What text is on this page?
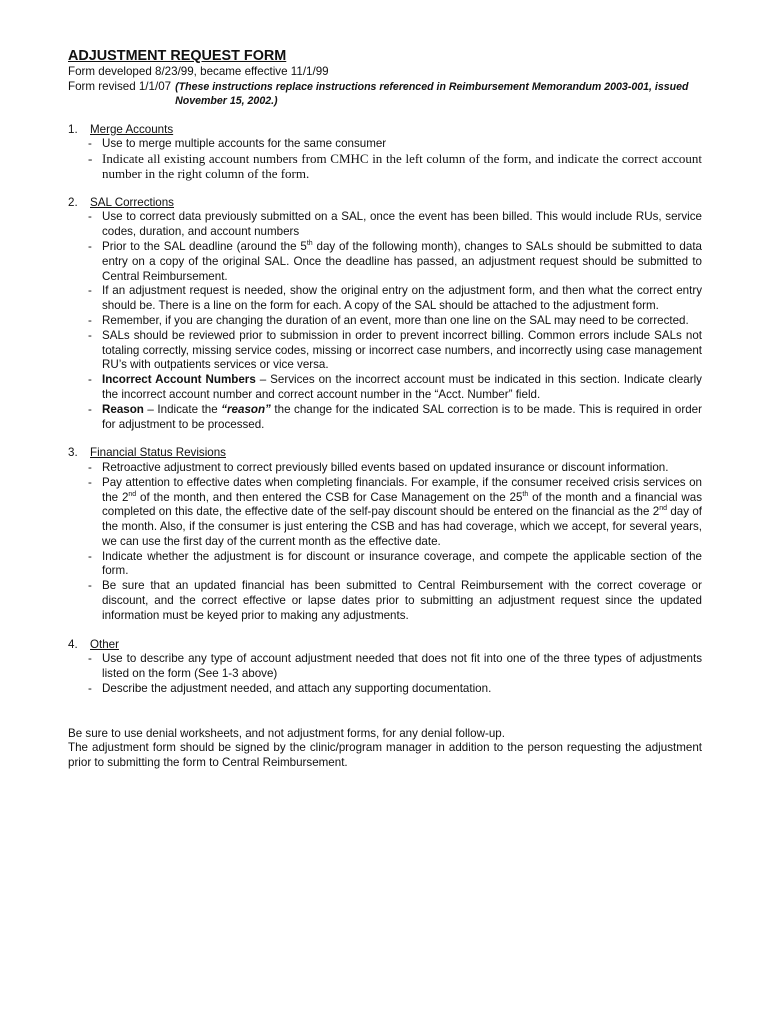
ADJUSTMENT REQUEST FORM
Form developed 8/23/99, became effective 11/1/99
Form revised 1/1/07 (These instructions replace instructions referenced in Reimbursement Memorandum 2003-001, issued November 15, 2002.)
1.	Merge Accounts
- Use to merge multiple accounts for the same consumer
- Indicate all existing account numbers from CMHC in the left column of the form, and indicate the correct account number in the right column of the form.
2.	SAL Corrections
- Use to correct data previously submitted on a SAL, once the event has been billed. This would include RUs, service codes, duration, and account numbers
- Prior to the SAL deadline (around the 5th day of the following month), changes to SALs should be submitted to data entry on a copy of the original SAL. Once the deadline has passed, an adjustment request should be submitted to Central Reimbursement.
- If an adjustment request is needed, show the original entry on the adjustment form, and then what the correct entry should be. There is a line on the form for each. A copy of the SAL should be attached to the adjustment form.
- Remember, if you are changing the duration of an event, more than one line on the SAL may need to be corrected.
- SALs should be reviewed prior to submission in order to prevent incorrect billing. Common errors include SALs not totaling correctly, missing service codes, missing or incorrect case numbers, and incorrectly using case management RU’s with outpatients services or vice versa.
- Incorrect Account Numbers – Services on the incorrect account must be indicated in this section. Indicate clearly the incorrect account number and correct account number in the “Acct. Number” field.
- Reason – Indicate the “reason” the change for the indicated SAL correction is to be made. This is required in order for adjustment to be processed.
3.	Financial Status Revisions
- Retroactive adjustment to correct previously billed events based on updated insurance or discount information.
- Pay attention to effective dates when completing financials. For example, if the consumer received crisis services on the 2nd of the month, and then entered the CSB for Case Management on the 25th of the month and a financial was completed on this date, the effective date of the self-pay discount should be entered on the financial as the 2nd day of the month. Also, if the consumer is just entering the CSB and has had coverage, which we accept, for several years, we can use the first day of the current month as the effective date.
- Indicate whether the adjustment is for discount or insurance coverage, and compete the applicable section of the form.
- Be sure that an updated financial has been submitted to Central Reimbursement with the correct coverage or discount, and the correct effective or lapse dates prior to submitting an adjustment request since the updated information must be keyed prior to making any adjustments.
4.	Other
- Use to describe any type of account adjustment needed that does not fit into one of the three types of adjustments listed on the form (See 1-3 above)
- Describe the adjustment needed, and attach any supporting documentation.
Be sure to use denial worksheets, and not adjustment forms, for any denial follow-up.
The adjustment form should be signed by the clinic/program manager in addition to the person requesting the adjustment prior to submitting the form to Central Reimbursement.
